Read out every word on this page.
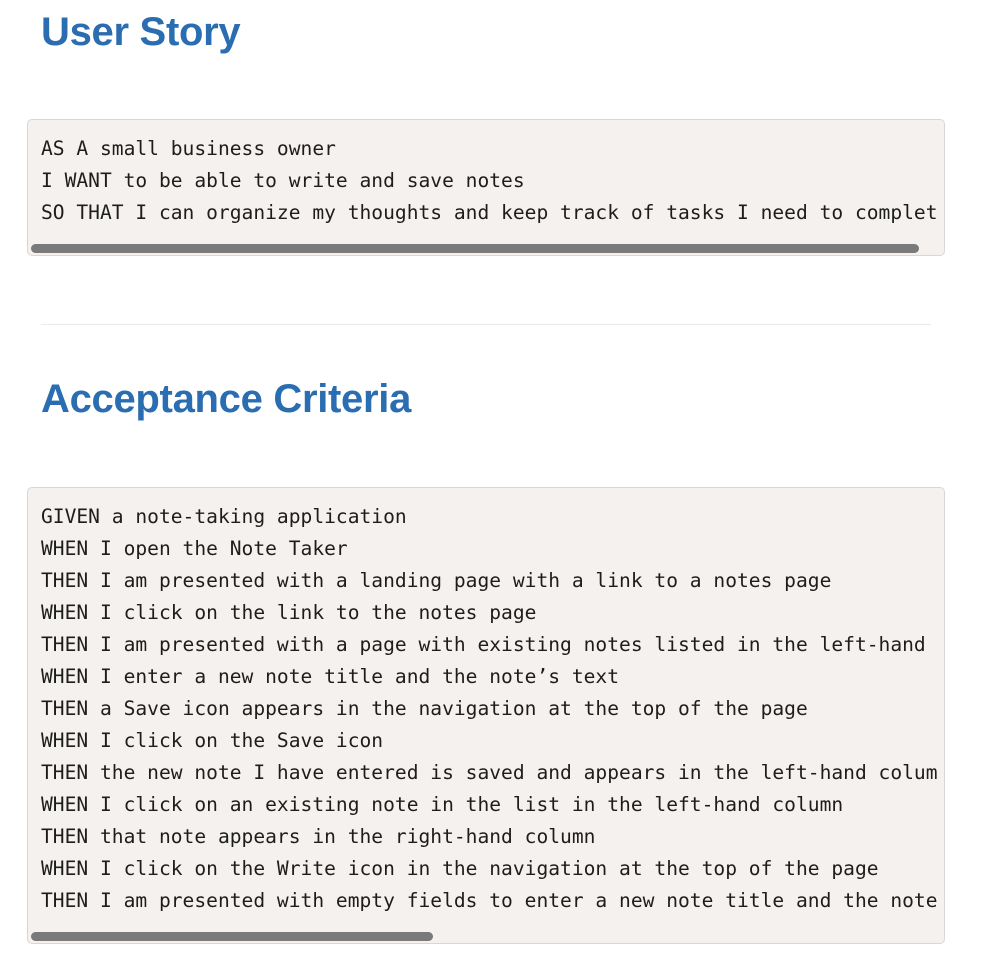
User Story
AS A small business owner
I WANT to be able to write and save notes
SO THAT I can organize my thoughts and keep track of tasks I need to complet
Acceptance Criteria
GIVEN a note-taking application
WHEN I open the Note Taker
THEN I am presented with a landing page with a link to a notes page
WHEN I click on the link to the notes page
THEN I am presented with a page with existing notes listed in the left-hand
WHEN I enter a new note title and the note’s text
THEN a Save icon appears in the navigation at the top of the page
WHEN I click on the Save icon
THEN the new note I have entered is saved and appears in the left-hand colum
WHEN I click on an existing note in the list in the left-hand column
THEN that note appears in the right-hand column
WHEN I click on the Write icon in the navigation at the top of the page
THEN I am presented with empty fields to enter a new note title and the note
